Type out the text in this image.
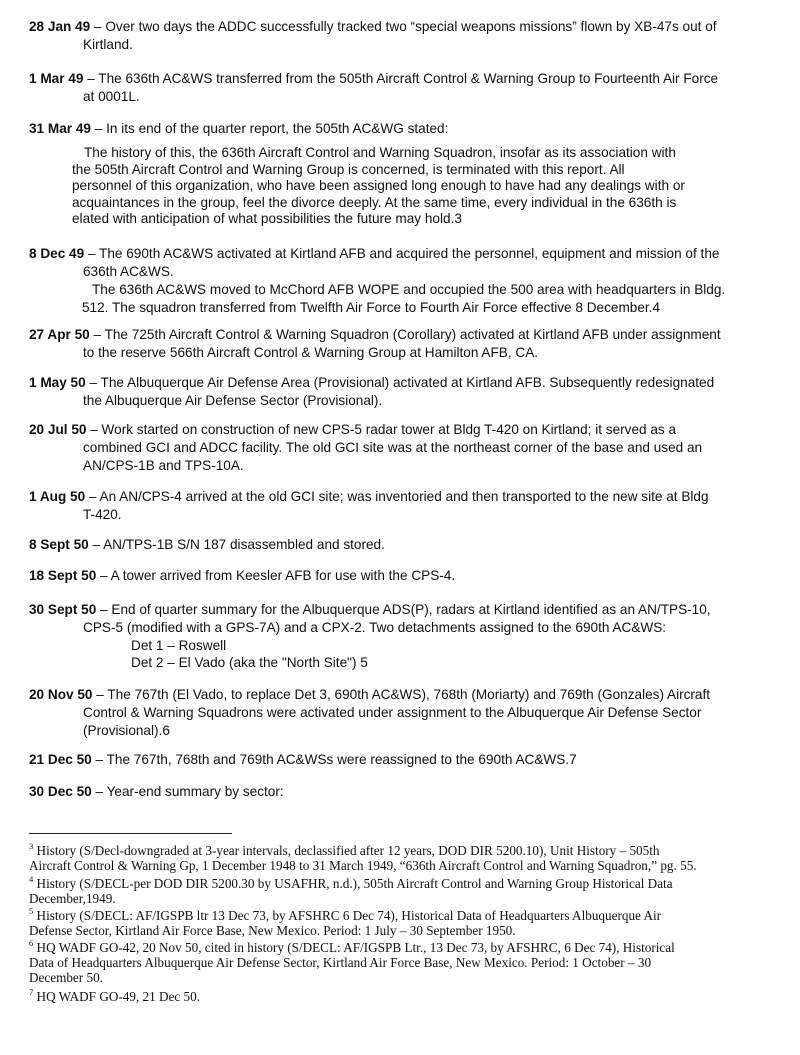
28 Jan 49 – Over two days the ADDC successfully tracked two “special weapons missions” flown by XB-47s out of
Kirtland.
1 Mar 49 – The 636th AC&WS transferred from the 505th Aircraft Control & Warning Group to Fourteenth Air Force
at 0001L.
31 Mar 49 – In its end of the quarter report, the 505th AC&WG stated:
The history of this, the 636th Aircraft Control and Warning Squadron, insofar as its association with
the 505th Aircraft Control and Warning Group is concerned, is terminated with this report. All
personnel of this organization, who have been assigned long enough to have had any dealings with or
acquaintances in the group, feel the divorce deeply. At the same time, every individual in the 636th is
elated with anticipation of what possibilities the future may hold.3
8 Dec 49 – The 690th AC&WS activated at Kirtland AFB and acquired the personnel, equipment and mission of the
636th AC&WS.
The 636th AC&WS moved to McChord AFB WOPE and occupied the 500 area with headquarters in Bldg.
512. The squadron transferred from Twelfth Air Force to Fourth Air Force effective 8 December.4
27 Apr 50 – The 725th Aircraft Control & Warning Squadron (Corollary) activated at Kirtland AFB under assignment
to the reserve 566th Aircraft Control & Warning Group at Hamilton AFB, CA.
1 May 50 – The Albuquerque Air Defense Area (Provisional) activated at Kirtland AFB. Subsequently redesignated
the Albuquerque Air Defense Sector (Provisional).
20 Jul 50 – Work started on construction of new CPS-5 radar tower at Bldg T-420 on Kirtland; it served as a
combined GCI and ADCC facility. The old GCI site was at the northeast corner of the base and used an
AN/CPS-1B and TPS-10A.
1 Aug 50 – An AN/CPS-4 arrived at the old GCI site; was inventoried and then transported to the new site at Bldg
T-420.
8 Sept 50 – AN/TPS-1B S/N 187 disassembled and stored.
18 Sept 50 – A tower arrived from Keesler AFB for use with the CPS-4.
30 Sept 50 – End of quarter summary for the Albuquerque ADS(P), radars at Kirtland identified as an AN/TPS-10,
CPS-5 (modified with a GPS-7A) and a CPX-2. Two detachments assigned to the 690th AC&WS:
Det 1 – Roswell
Det 2 – El Vado (aka the "North Site") 5
20 Nov 50 – The 767th (El Vado, to replace Det 3, 690th AC&WS), 768th (Moriarty) and 769th (Gonzales) Aircraft
Control & Warning Squadrons were activated under assignment to the Albuquerque Air Defense Sector
(Provisional).6
21 Dec 50 – The 767th, 768th and 769th AC&WSs were reassigned to the 690th AC&WS.7
30 Dec 50 – Year-end summary by sector:
$^3$ History (S/Decl-downgraded at 3-year intervals, declassified after 12 years, DOD DIR 5200.10), Unit History – 505th
Aircraft Control & Warning Gp, 1 December 1948 to 31 March 1949, “636th Aircraft Control and Warning Squadron,” pg. 55.
$^4$ History (S/DECL-per DOD DIR 5200.30 by USAFHR, n.d.), 505th Aircraft Control and Warning Group Historical Data
December,1949.
$^5$ History (S/DECL: AF/IGSPB ltr 13 Dec 73, by AFSHRC 6 Dec 74), Historical Data of Headquarters Albuquerque Air
Defense Sector, Kirtland Air Force Base, New Mexico. Period: 1 July – 30 September 1950.
$^6$ HQ WADF GO-42, 20 Nov 50, cited in history (S/DECL: AF/IGSPB Ltr., 13 Dec 73, by AFSHRC, 6 Dec 74), Historical
Data of Headquarters Albuquerque Air Defense Sector, Kirtland Air Force Base, New Mexico. Period: 1 October – 30
December 50.
$^7$ HQ WADF GO-49, 21 Dec 50.
